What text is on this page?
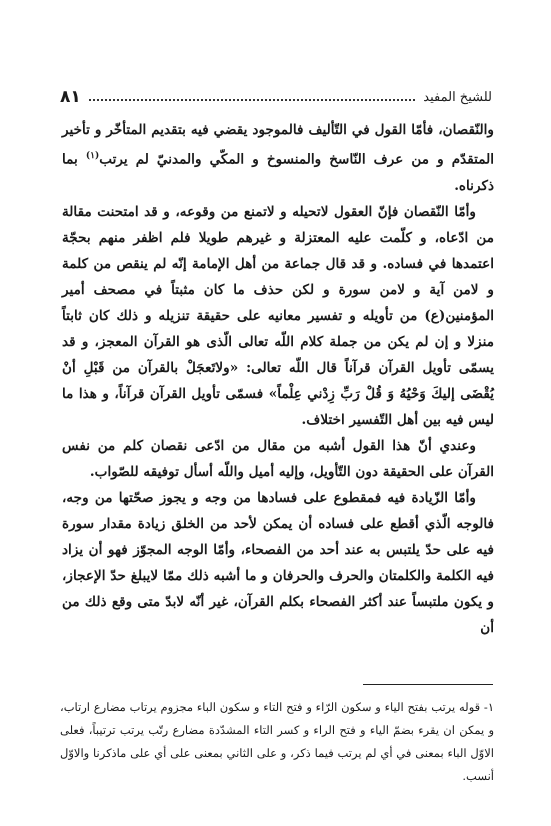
٨١	للشيخ المفيد

والنّقصان، فأمّا القول في التّأليف فالموجود يقضي فيه بتقديم المتأخّر و تأخير المتقدّم و من عرف النّاسخ والمنسوخ و المكّي والمدنيّ لم يرتب$^{(١)}$ بما ذكرناه.

وأمّا النّقصان فإنّ العقول لاتحيله و لاتمنع من وقوعه، و قد امتحنت مقالة من ادّعاه، و كلّمت عليه المعتزلة و غيرهم طويلا فلم اظفر منهم بحجّة اعتمدها في فساده. و قد قال جماعة من أهل الإمامة إنّه لم ينقص من كلمة و لامن آية و لامن سورة و لكن حذف ما كان مثبتاً في مصحف أمير المؤمنين(ع) من تأويله و تفسير معانيه على حقيقة تنزيله و ذلك كان ثابتاً منزلا و إن لم يكن من جملة كلام اللّه تعالى الّذى هو القرآن المعجز، و قد يسمّى تأويل القرآن قرآناً قال اللّه تعالى: «ولاتَعجَلْ بالقرآن من قَبْلِ أنْ يُقْضَى إليكَ وَحْيُهُ وَ قُلْ رَبِّ زِدْني عِلْماً» فسمّى تأويل القرآن قرآناً، و هذا ما ليس فيه بين أهل التّفسير اختلاف.

وعندي أنّ هذا القول أشبه من مقال من ادّعى نقصان كلم من نفس القرآن على الحقيقة دون التّأويل، وإليه أميل واللّه أسأل توفيقه للصّواب.

وأمّا الزّيادة فيه فمقطوع على فسادها من وجه و يجوز صحّتها من وجه، فالوجه الّذي أقطع على فساده أن يمكن لأحد من الخلق زيادة مقدار سورة فيه على حدّ يلتبس به عند أحد من الفصحاء، وأمّا الوجه المجوّز فهو أن يزاد فيه الكلمة والكلمتان والحرف والحرفان و ما أشبه ذلك ممّا لايبلغ حدّ الإعجاز، و يكون ملتبساً عند أكثر الفصحاء بكلم القرآن، غير أنّه لابدّ متى وقع ذلك من أن

١- قوله يرتب بفتح الياء و سكون الرّاء و فتح التاء و سكون الباء مجزوم يرتاب مضارع ارتاب، و يمكن ان يقرء بضمّ الياء و فتح الراء و كسر التاء المشدّدة مضارع رتّب يرتب ترتيباً، فعلى الاوّل الباء بمعنى في أي لم يرتب فيما ذكر، و على الثاني بمعنى على أي على ماذكرنا والاوّل أنسب.
